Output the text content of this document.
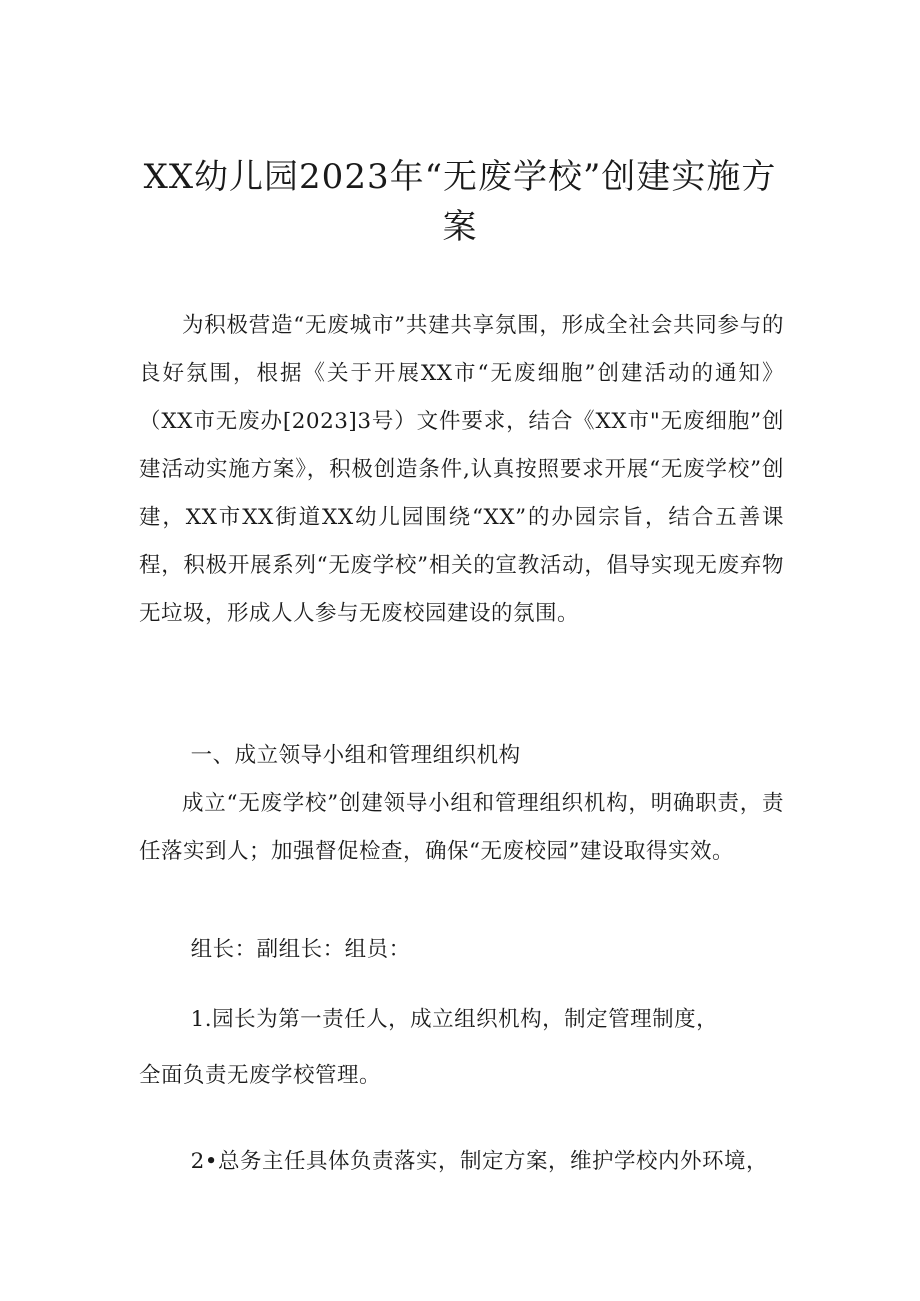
XX幼儿园2023年“无废学校”创建实施方案
为积极营造“无废城市”共建共享氛围，形成全社会共同参与的良好氛围，根据《关于开展XX市“无废细胞”创建活动的通知》（XX市无废办[2023]3号）文件要求，结合《XX市"无废细胞”创建活动实施方案》，积极创造条件,认真按照要求开展“无废学校”创建，XX市XX街道XX幼儿园围绕“XX”的办园宗旨，结合五善课程，积极开展系列“无废学校”相关的宣教活动，倡导实现无废弃物无垃圾，形成人人参与无废校园建设的氛围。
一、成立领导小组和管理组织机构
成立“无废学校”创建领导小组和管理组织机构，明确职责，责任落实到人；加强督促检查，确保“无废校园”建设取得实效。
组长：副组长：组员：
1.园长为第一责任人，成立组织机构，制定管理制度，
全面负责无废学校管理。
2•总务主任具体负责落实，制定方案，维护学校内外环境，
